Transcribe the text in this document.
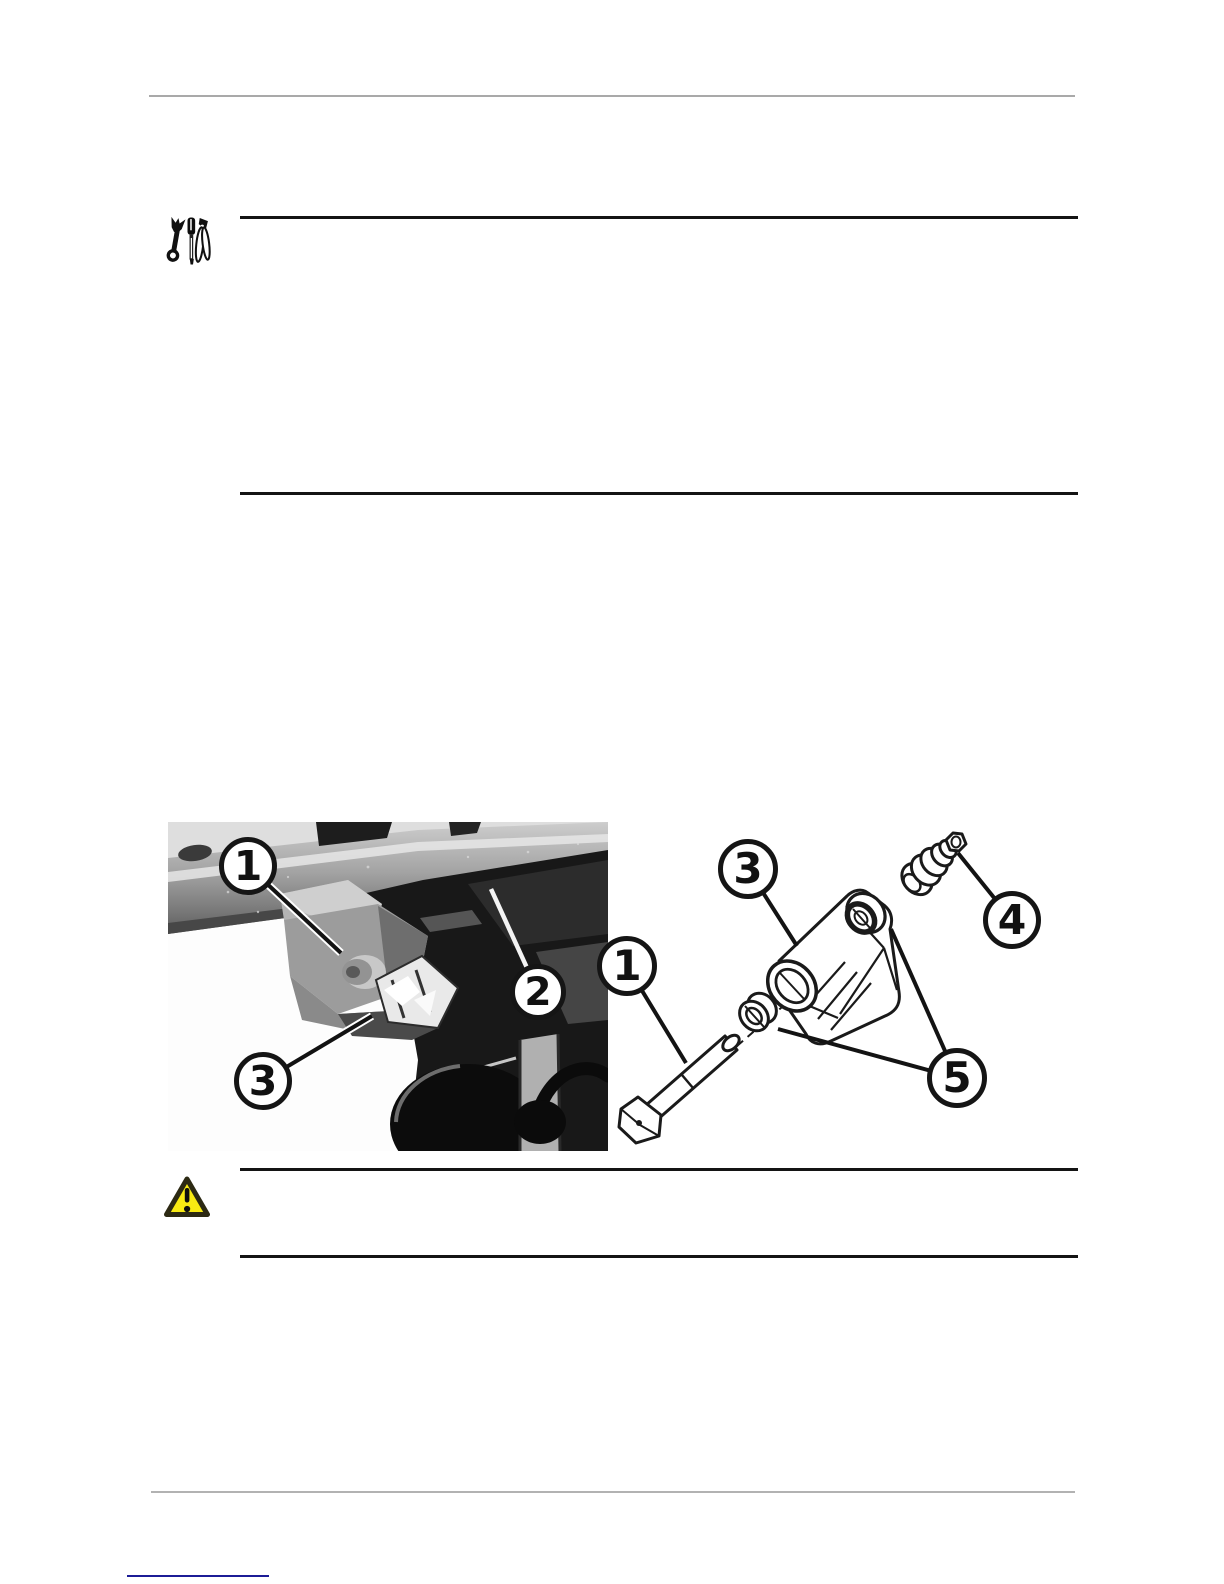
1
2
3
1
3
4
5
